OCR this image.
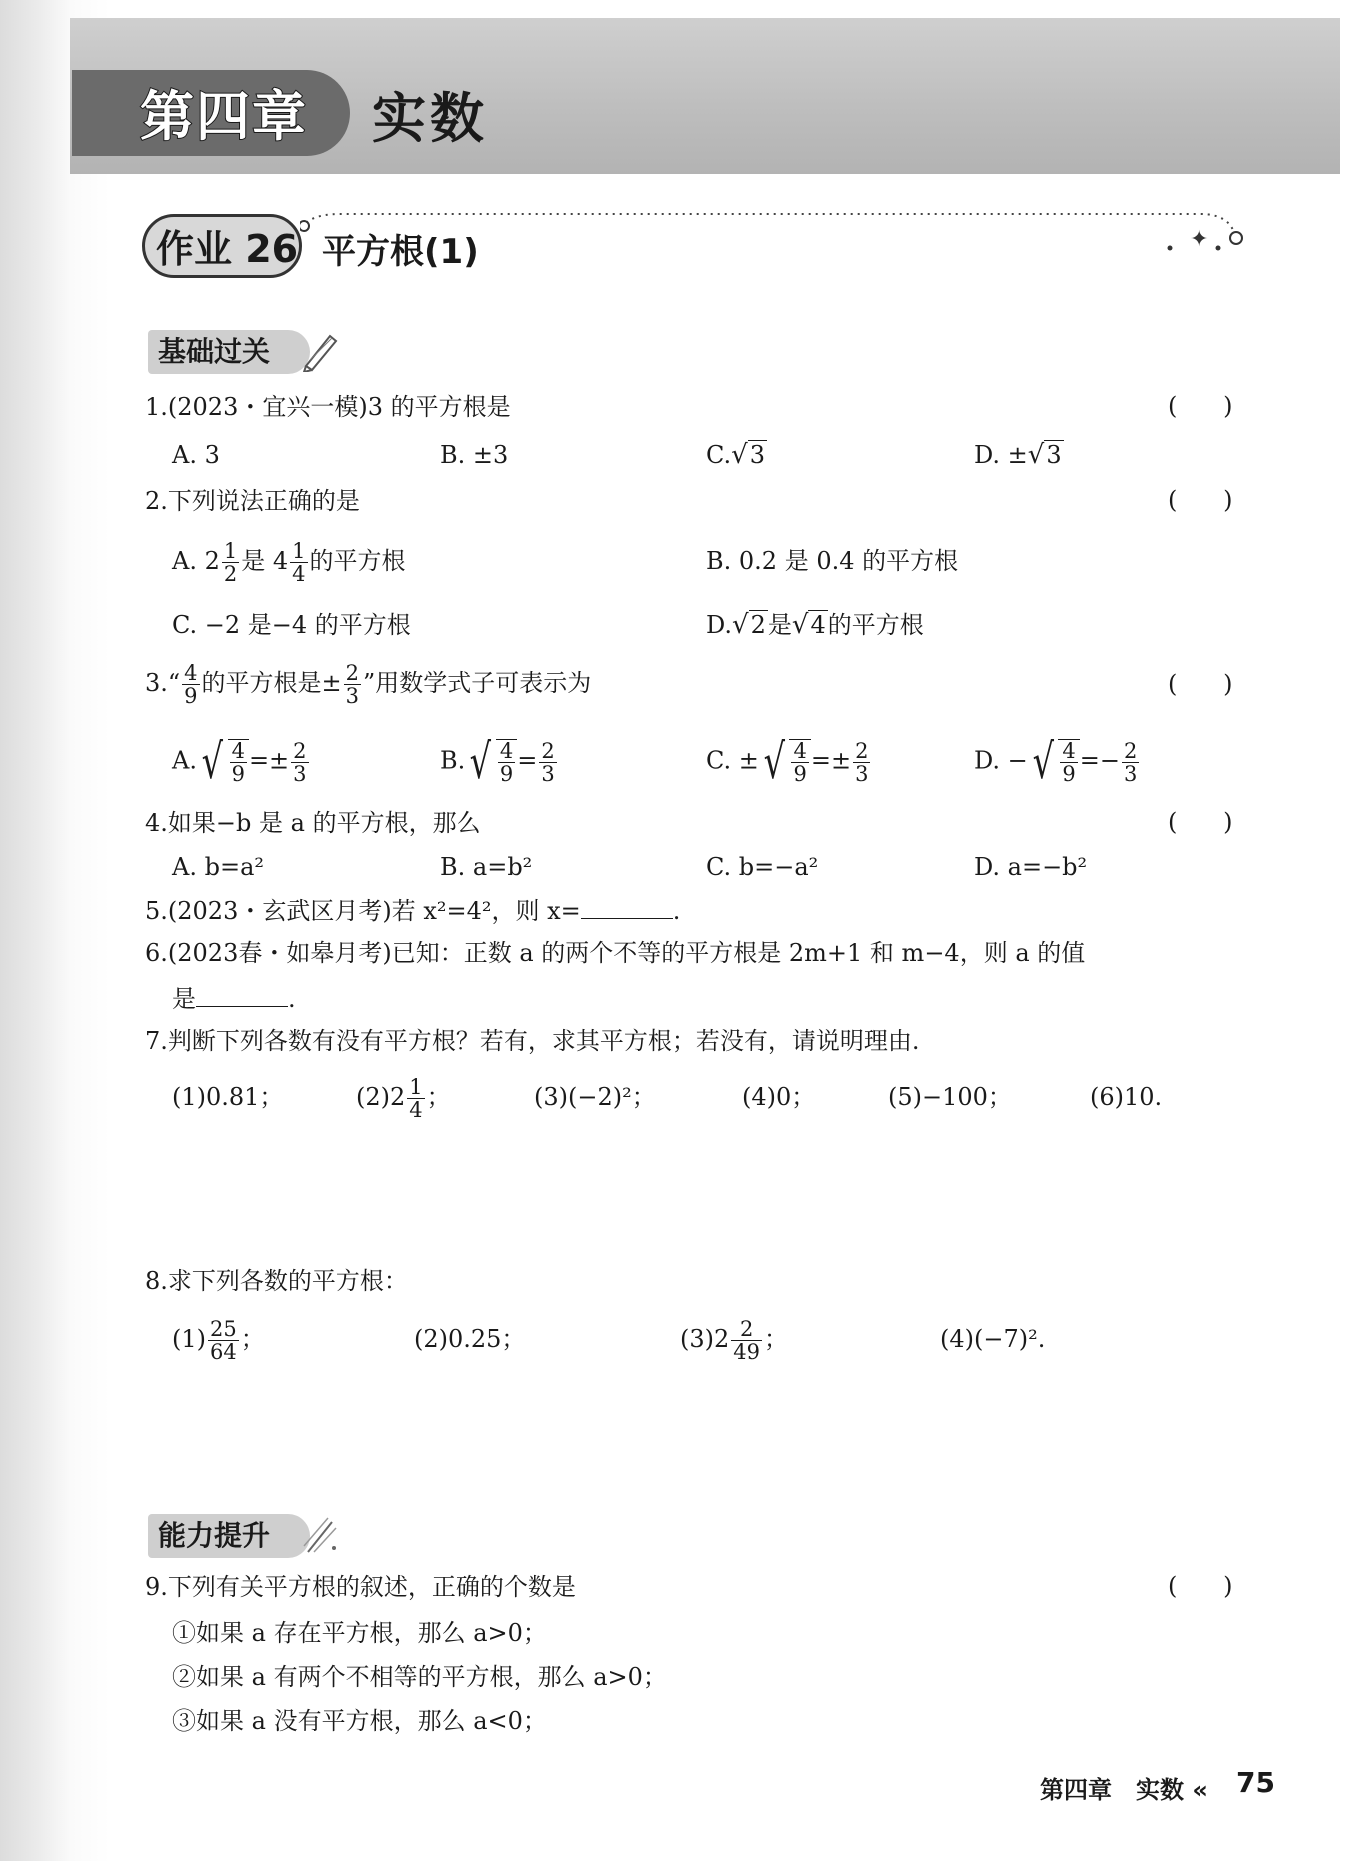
第四章 实数
作业 26 平方根(1)	✦
基础过关
1.(2023・宜兴一模)3 的平方根是	(      )
A. 3	B. ±3	C.√3	D. ±√3
2.下列说法正确的是	(      )
A. $2 \frac{1}{2}$ 是 $4 \frac{1}{4}$ 的平方根	B. 0.2 是 0.4 的平方根
C. −2 是−4 的平方根	D.√2是√4的平方根
3.“ $\frac{4}{9}$ 的平方根是± $\frac{2}{3}$ ”用数学式子可表示为	(      )
A. √ $\frac{4}{9} =\pm \frac{2}{3}$	B. √ $\frac{4}{9} = \frac{2}{3}$	C. ± √ $\frac{4}{9} =\pm \frac{2}{3}$	D. − √ $\frac{4}{9} =- \frac{2}{3}$
4.如果−b 是 a 的平方根，那么	(      )
A. b=a²	B. a=b²	C. b=−a²	D. a=−b²
5.(2023・玄武区月考)若 x²=4²，则 x=	.
6.(2023春・如皋月考)已知：正数 a 的两个不等的平方根是 2m+1 和 m−4，则 a 的值
是	.
7.判断下列各数有没有平方根？若有，求其平方根；若没有，请说明理由.
(1)0.81；	$(2)2 \frac{1}{4}$ ；	(3)(−2)²；	(4)0；	(5)−100；	(6)10.
8.求下列各数的平方根：
$(1) \frac{25}{64}$ ；	(2)0.25；	$(3)2 \frac{2}{49}$ ；	(4)(−7)².
能力提升
9.下列有关平方根的叙述，正确的个数是	(      )
①如果 a 存在平方根，那么 a>0；
②如果 a 有两个不相等的平方根，那么 a>0；
③如果 a 没有平方根，那么 a<0；
第四章　实数 « 75
